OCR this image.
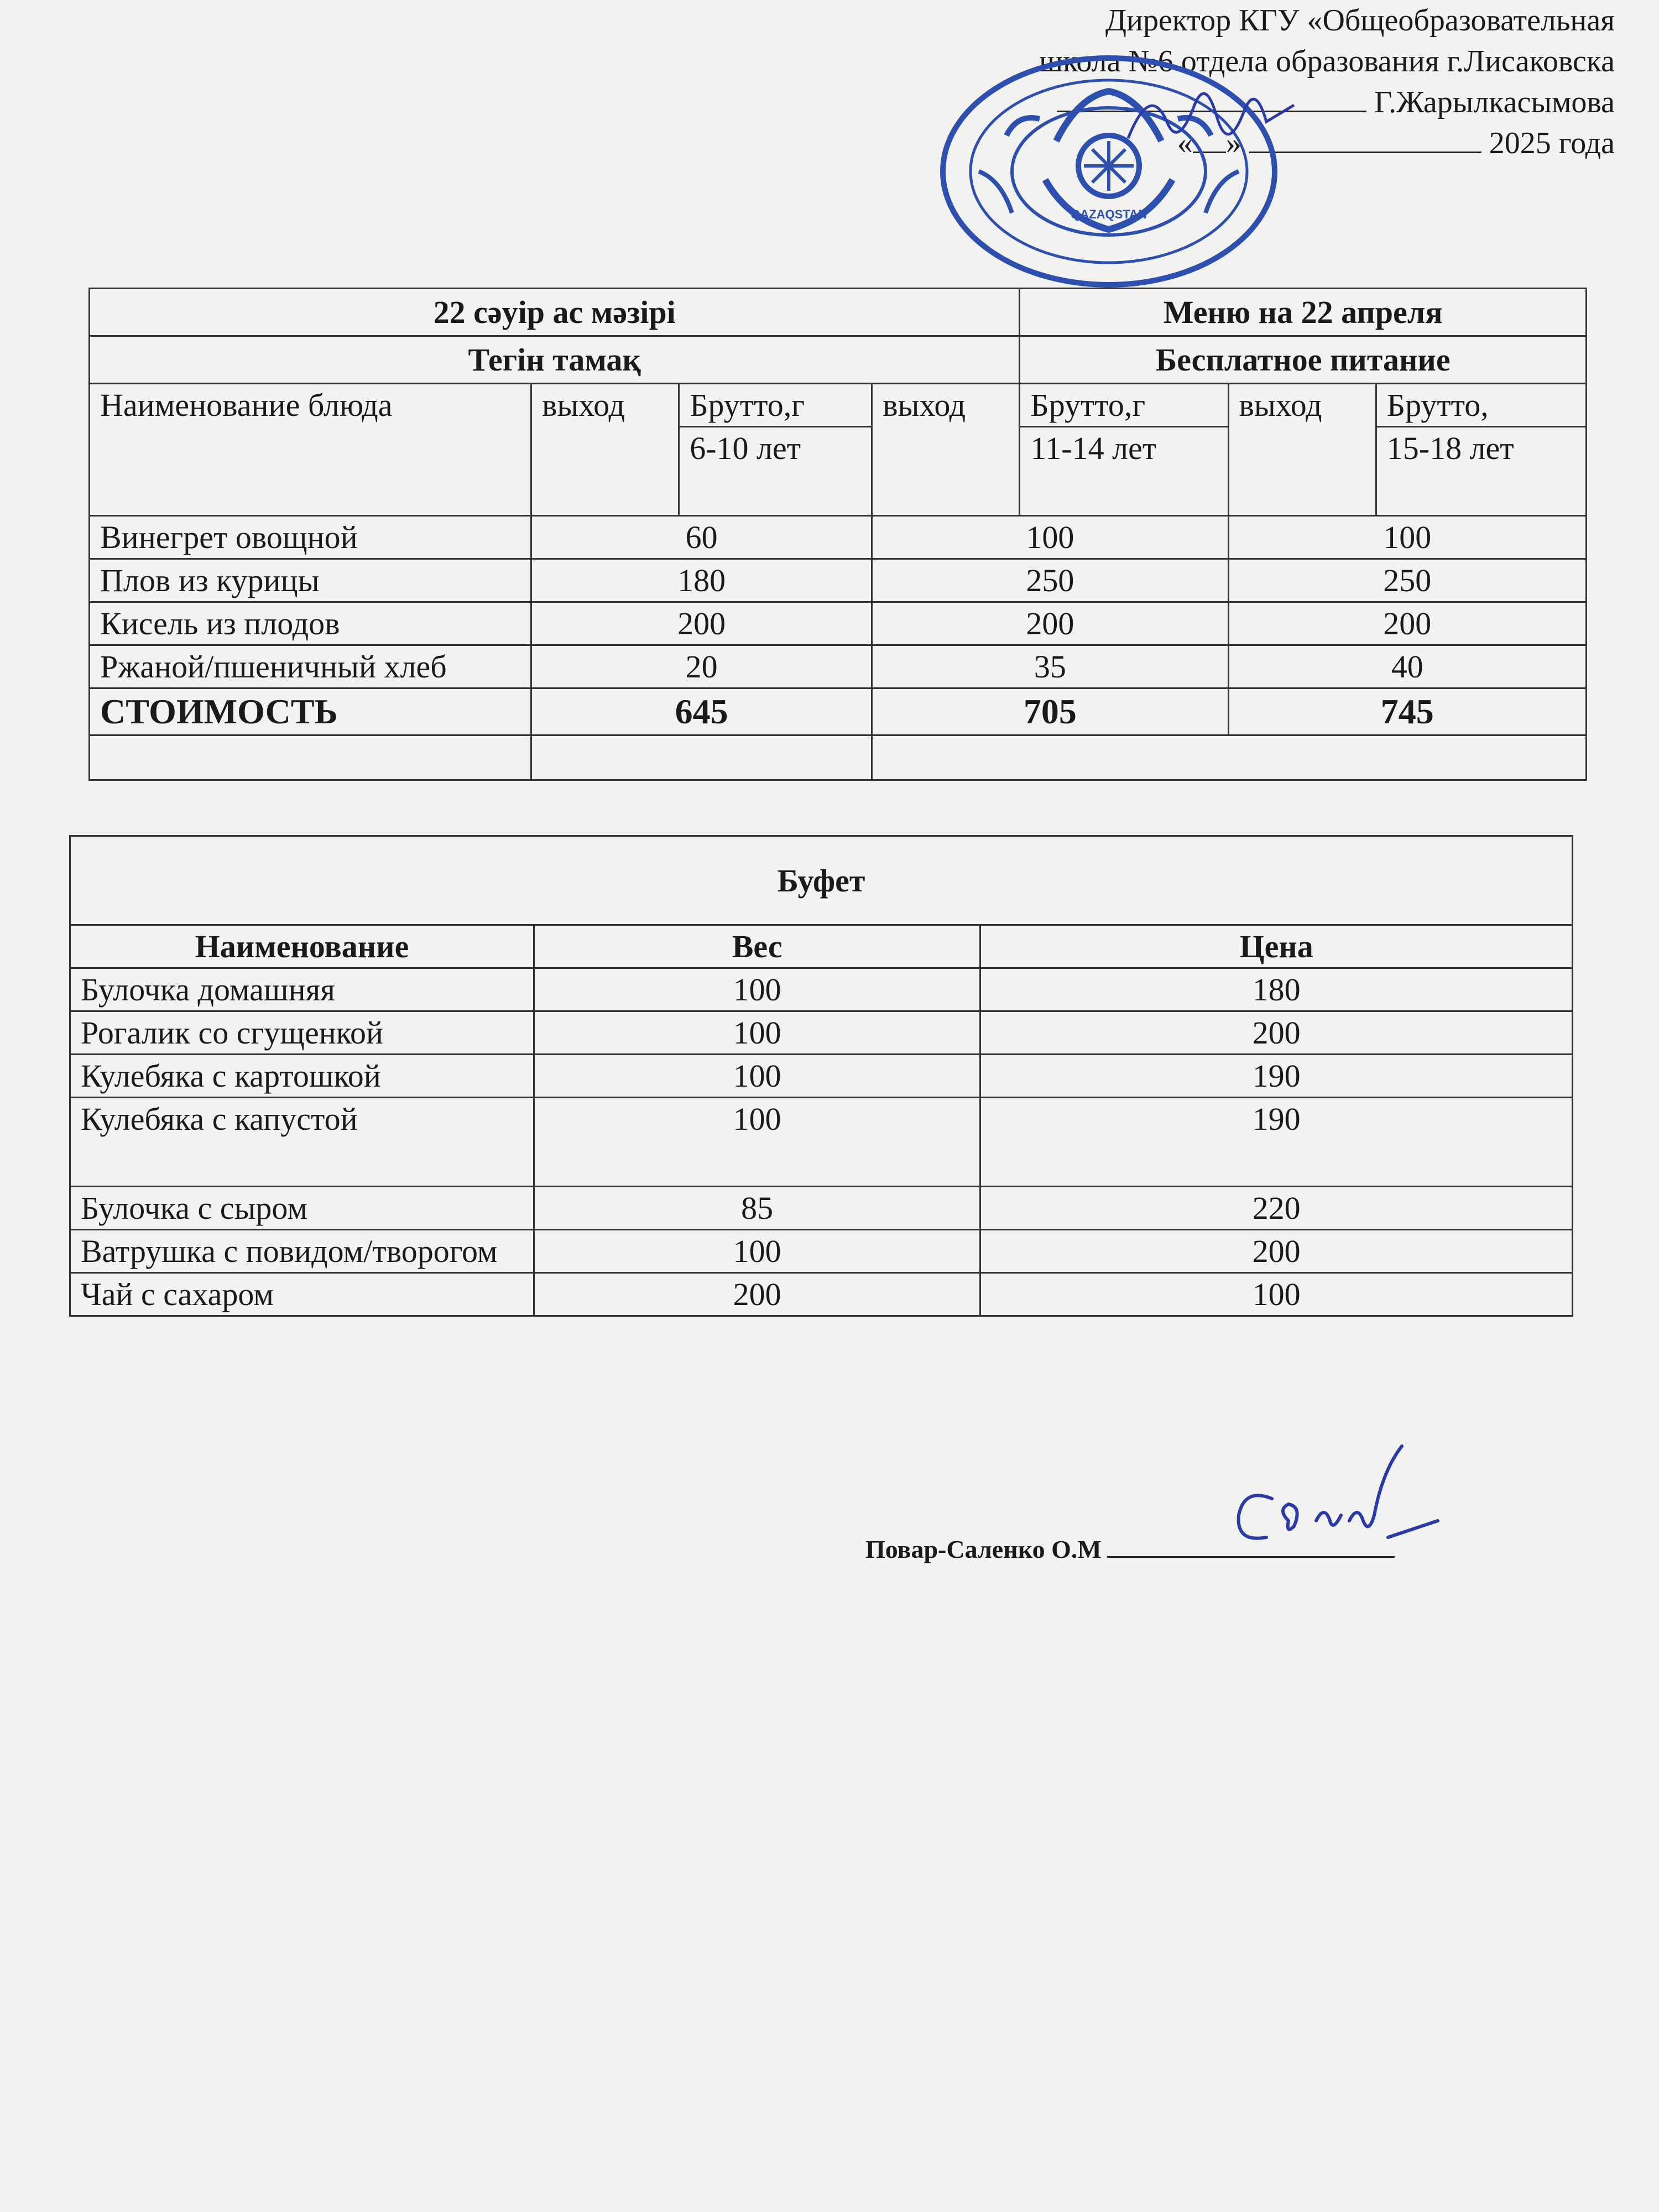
Директор КГУ «Общеобразовательная
школа №6 отдела образования г.Лисаковска
Г.Жарылкасымова
« »	2025 года
QAZAQSTAN
22 сәуір ас мәзірі				Меню на 22 апреля		
Тегін тамақ				Бесплатное питание		
Наименование блюда	выход	Брутто,г	выход	Брутто,г	выход	Брутто,
		6-10 лет		11-14 лет		15-18 лет
Винегрет овощной	60		100		100	
Плов из курицы	180		250		250	
Кисель из плодов	200		200		200	
Ржаной/пшеничный хлеб	20		35		40	
СТОИМОСТЬ	645		705		745	

Буфет		
Наименование	Вес	Цена
Булочка домашняя	100	180
Рогалик со сгущенкой	100	200
Кулебяка с картошкой	100	190
Кулебяка с капустой	100	190
Булочка с сыром	85	220
Ватрушка с повидом/творогом	100	200
Чай с сахаром	200	100
Повар-Саленко О.М
